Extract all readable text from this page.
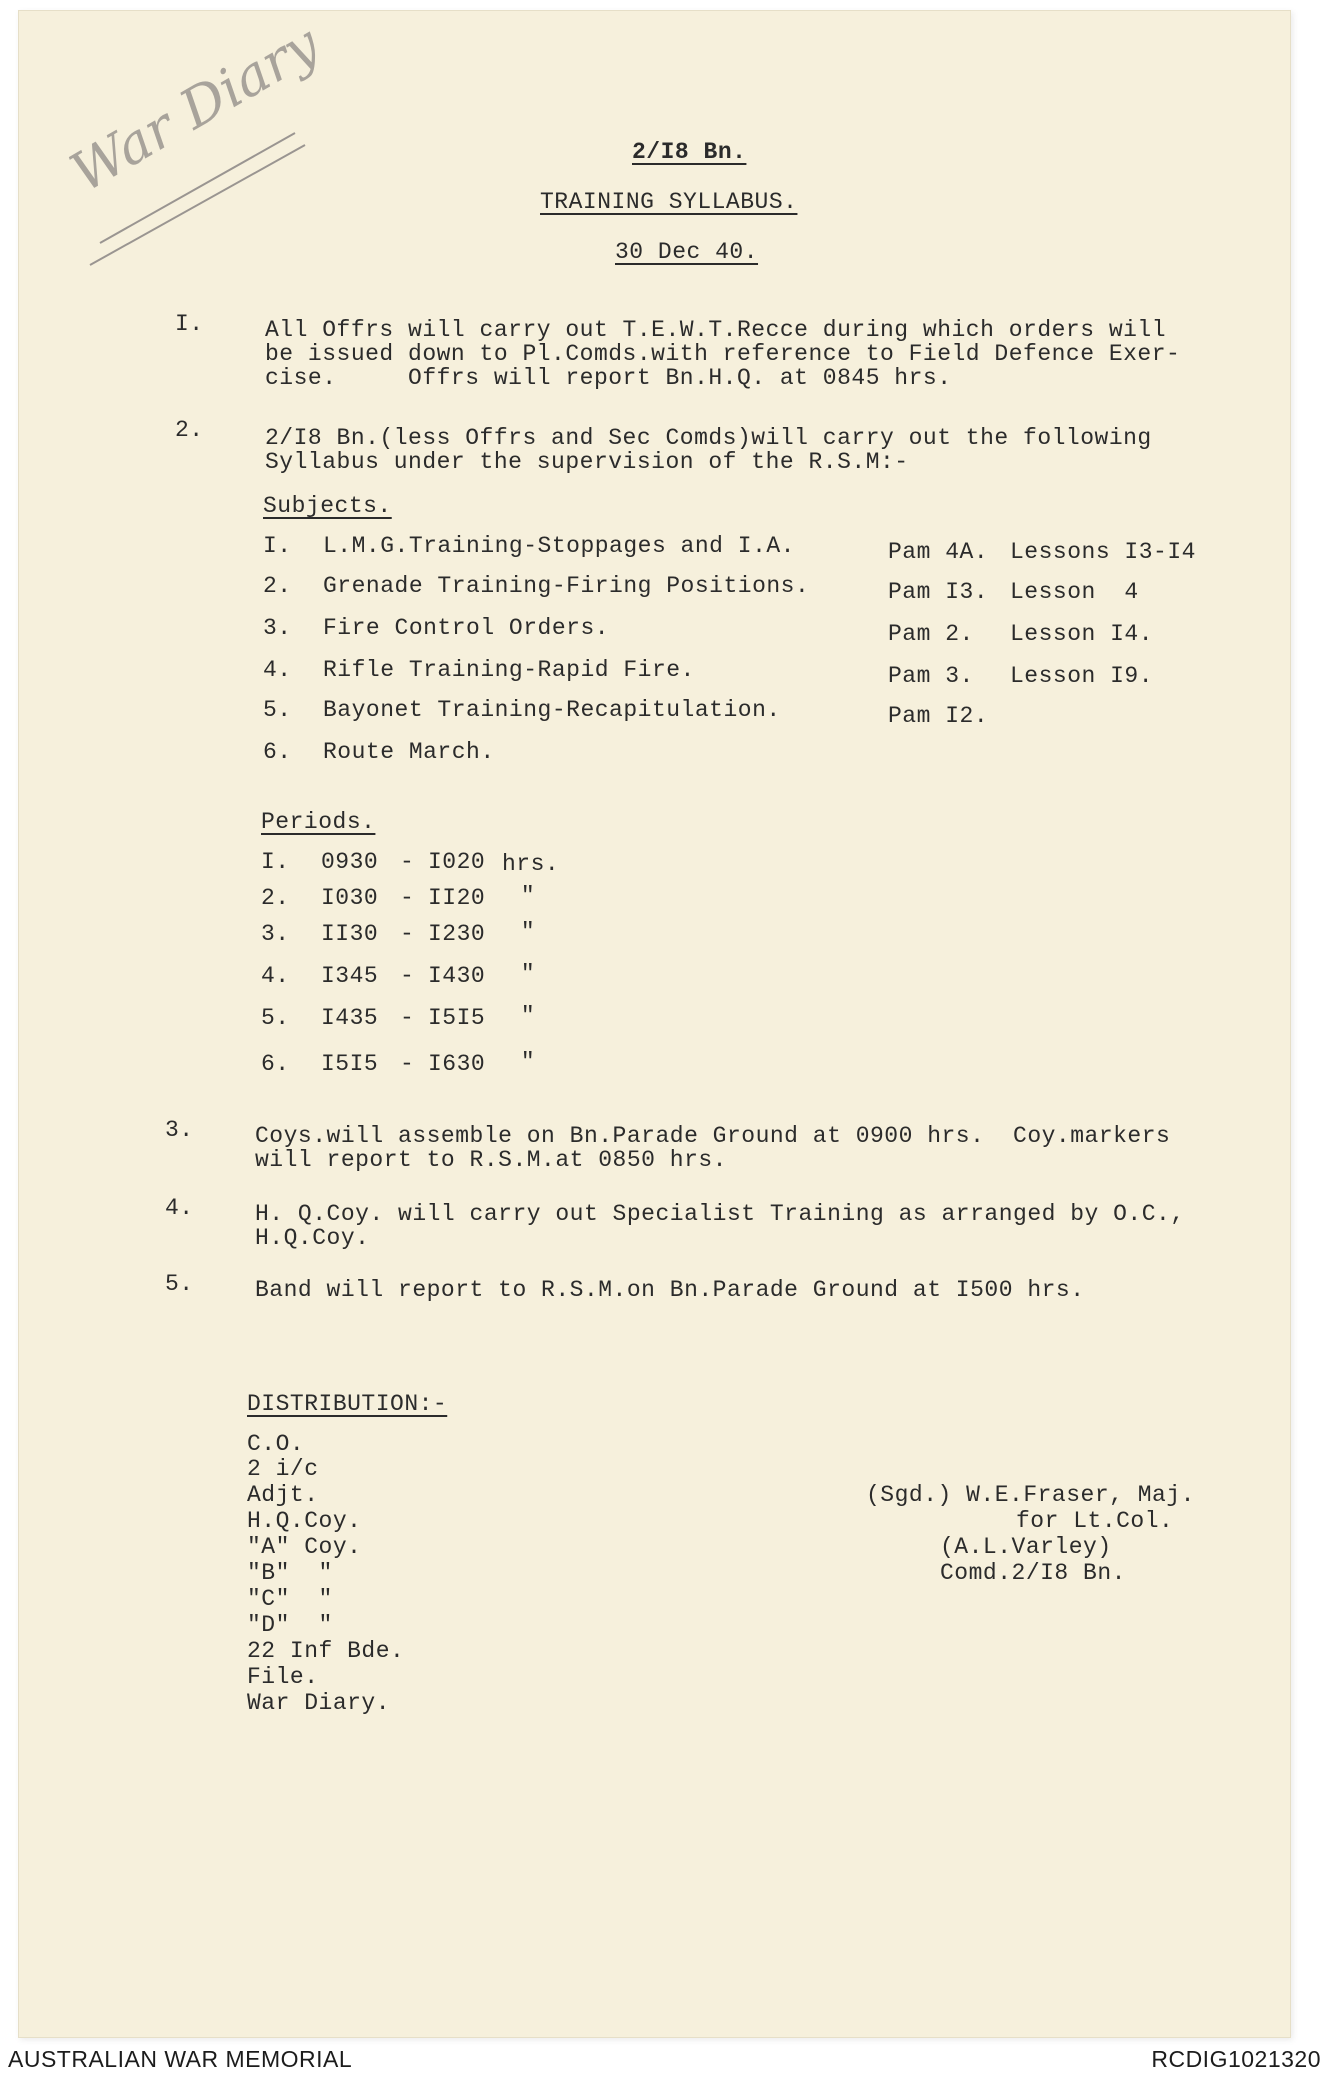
War Diary	2/I8 Bn.
TRAINING SYLLABUS.
30 Dec 40.
I.	All Offrs will carry out T.E.W.T.Recce during which orders will
be issued down to Pl.Comds.with reference to Field Defence Exer-
cise.     Offrs will report Bn.H.Q. at 0845 hrs.
2.	2/I8 Bn.(less Offrs and Sec Comds)will carry out the following
Syllabus under the supervision of the R.S.M:-
Subjects.
I. L.M.G.Training-Stoppages and I.A.	Pam 4A. Lessons I3-I4
2. Grenade Training-Firing Positions.	Pam I3. Lesson  4
3. Fire Control Orders.	Pam 2. Lesson I4.
4. Rifle Training-Rapid Fire.	Pam 3. Lesson I9.
5. Bayonet Training-Recapitulation.	Pam I2.
6. Route March.
Periods.
I. 0930 - I020 hrs.
2. I030 - II20 "
3. II30 - I230 "
4. I345 - I430 "
5. I435 - I5I5 "
6. I5I5 - I630 "
3.	Coys.will assemble on Bn.Parade Ground at 0900 hrs.  Coy.markers
will report to R.S.M.at 0850 hrs.
4.	H. Q.Coy. will carry out Specialist Training as arranged by O.C.,
H.Q.Coy.
5.	Band will report to R.S.M.on Bn.Parade Ground at I500 hrs.
DISTRIBUTION:-
C.O.
2 i/c
Adjt.
H.Q.Coy.
"A" Coy.
"B"  "
"C"  "
"D"  "
22 Inf Bde.
File.
War Diary.
(Sgd.) W.E.Fraser, Maj.
for Lt.Col.
(A.L.Varley)
Comd.2/I8 Bn.
AUSTRALIAN WAR MEMORIAL	RCDIG1021320
